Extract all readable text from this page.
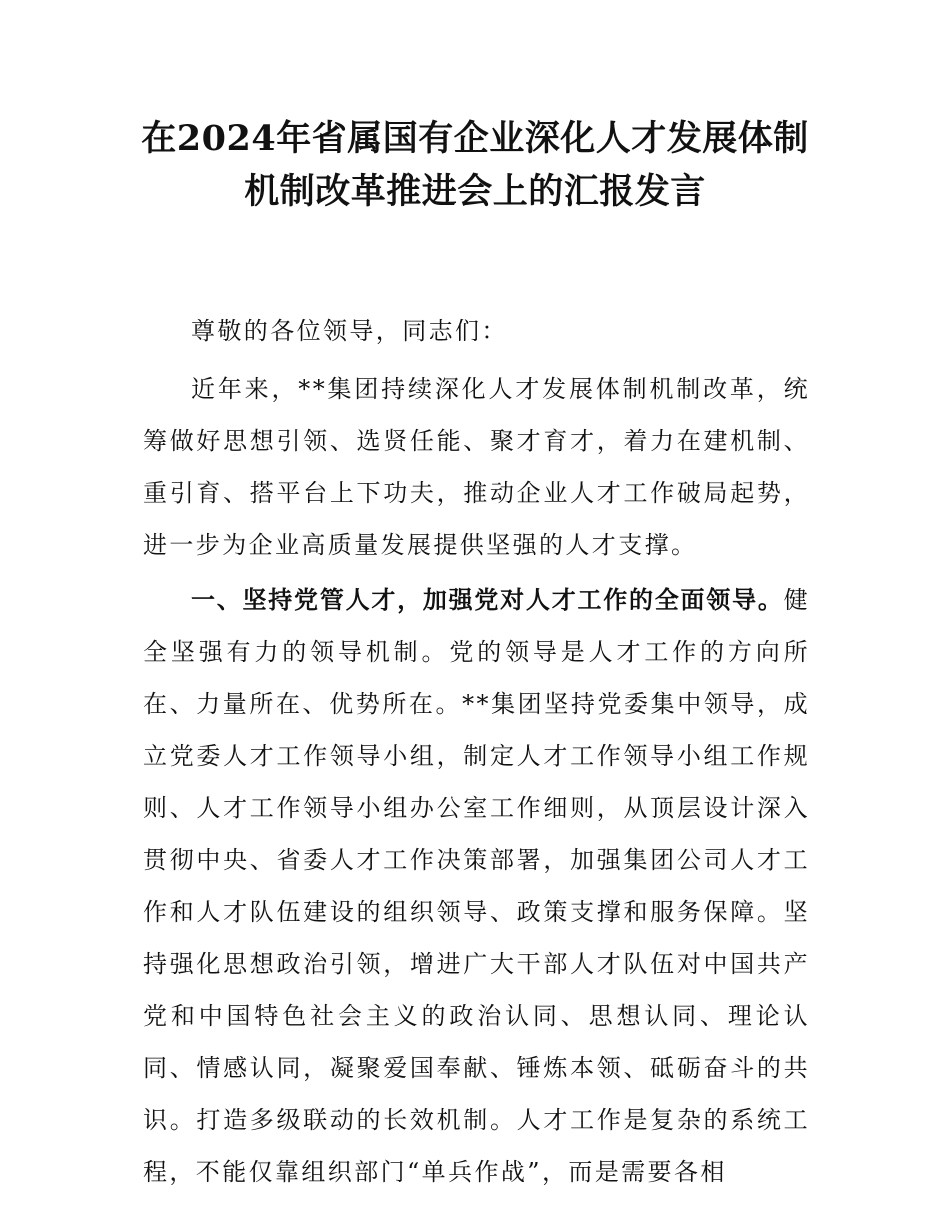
在2024年省属国有企业深化人才发展体制机制改革推进会上的汇报发言

尊敬的各位领导，同志们：

近年来，**集团持续深化人才发展体制机制改革，统筹做好思想引领、选贤任能、聚才育才，着力在建机制、重引育、搭平台上下功夫，推动企业人才工作破局起势，进一步为企业高质量发展提供坚强的人才支撑。

一、坚持党管人才，加强党对人才工作的全面领导。健全坚强有力的领导机制。党的领导是人才工作的方向所在、力量所在、优势所在。**集团坚持党委集中领导，成立党委人才工作领导小组，制定人才工作领导小组工作规则、人才工作领导小组办公室工作细则，从顶层设计深入贯彻中央、省委人才工作决策部署，加强集团公司人才工作和人才队伍建设的组织领导、政策支撑和服务保障。坚持强化思想政治引领，增进广大干部人才队伍对中国共产党和中国特色社会主义的政治认同、思想认同、理论认同、情感认同，凝聚爱国奉献、锤炼本领、砥砺奋斗的共识。打造多级联动的长效机制。人才工作是复杂的系统工程，不能仅靠组织部门“单兵作战”，而是需要各相
